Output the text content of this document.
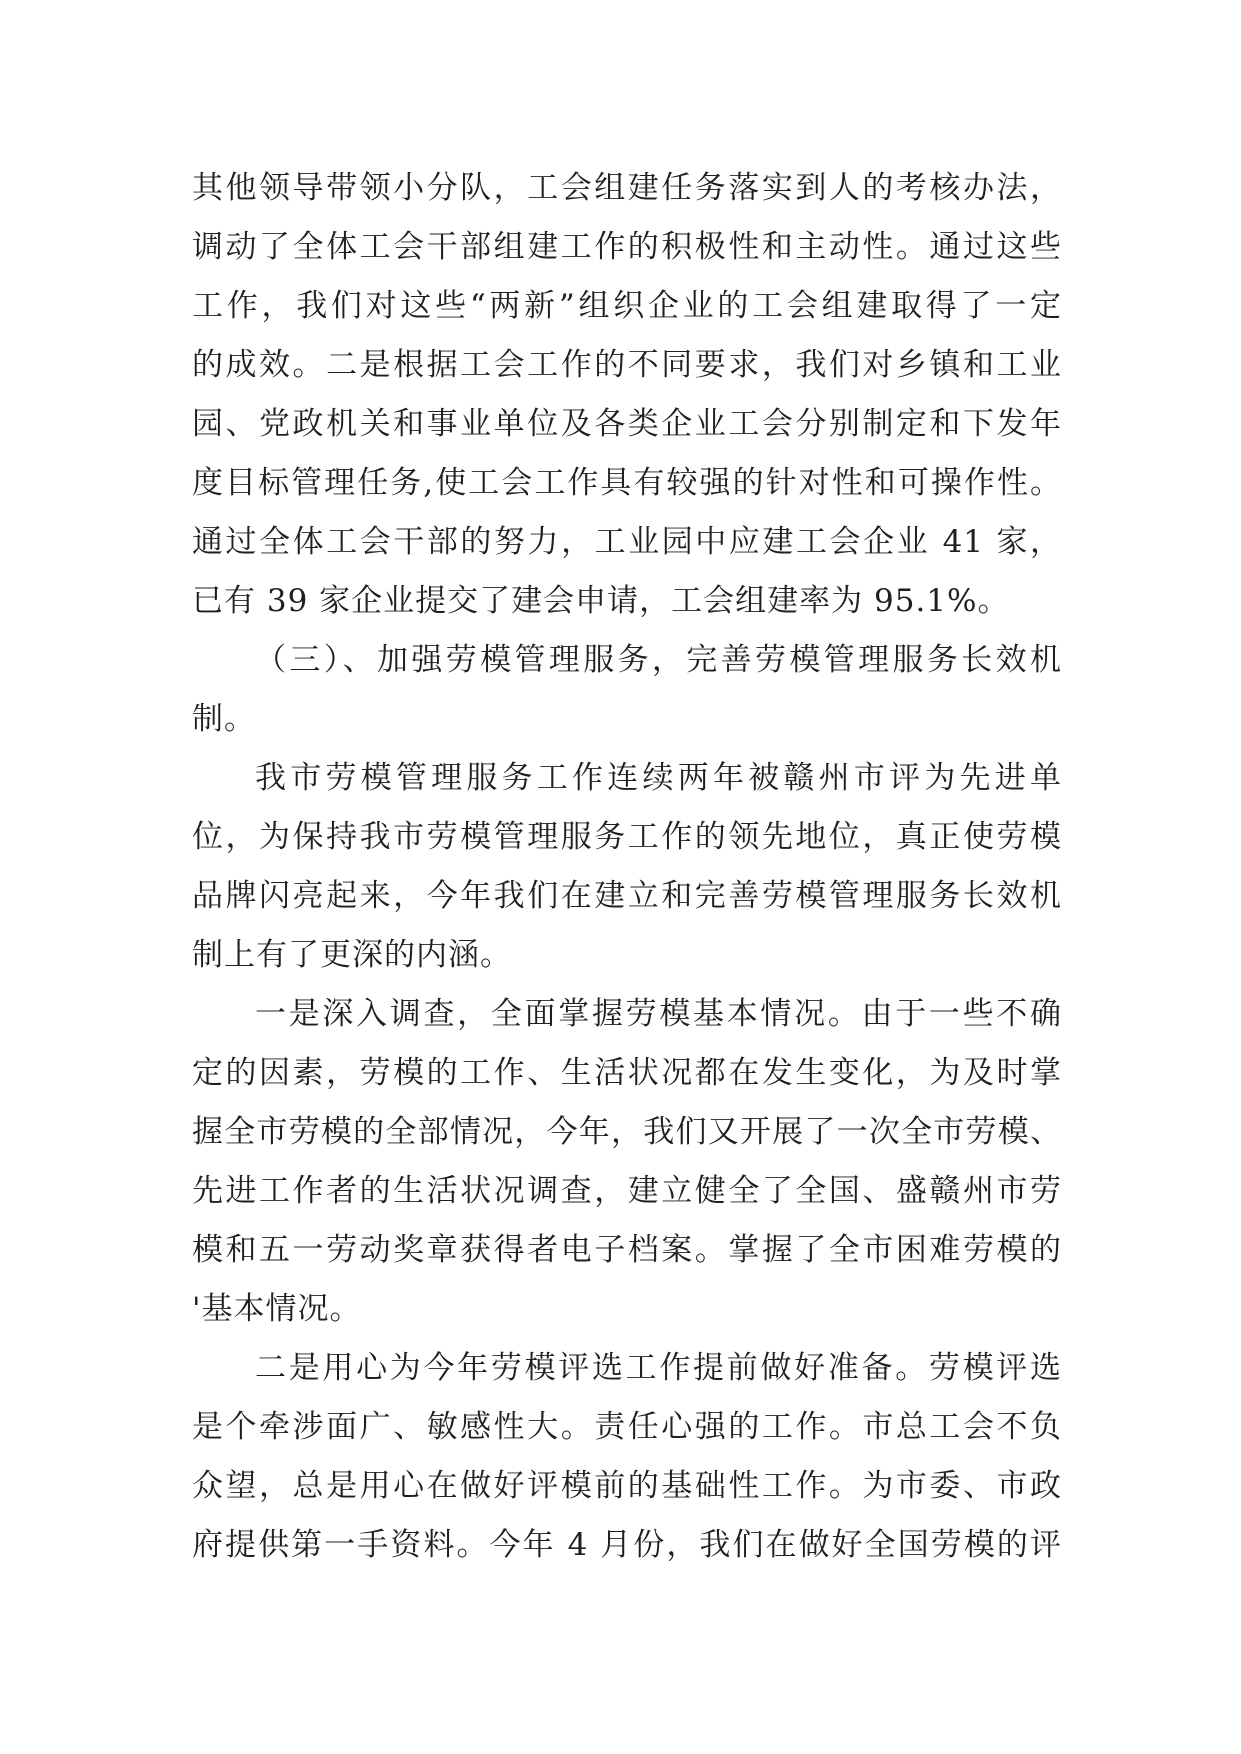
其他领导带领小分队，工会组建任务落实到人的考核办法，
调动了全体工会干部组建工作的积极性和主动性。通过这些
工作，我们对这些“两新”组织企业的工会组建取得了一定
的成效。二是根据工会工作的不同要求，我们对乡镇和工业
园、党政机关和事业单位及各类企业工会分别制定和下发年
度目标管理任务,使工会工作具有较强的针对性和可操作性。
通过全体工会干部的努力，工业园中应建工会企业 41 家，
已有 39 家企业提交了建会申请，工会组建率为 95.1%。
（三）、加强劳模管理服务，完善劳模管理服务长效机
制。
我市劳模管理服务工作连续两年被赣州市评为先进单
位，为保持我市劳模管理服务工作的领先地位，真正使劳模
品牌闪亮起来，今年我们在建立和完善劳模管理服务长效机
制上有了更深的内涵。
一是深入调查，全面掌握劳模基本情况。由于一些不确
定的因素，劳模的工作、生活状况都在发生变化，为及时掌
握全市劳模的全部情况，今年，我们又开展了一次全市劳模、
先进工作者的生活状况调查，建立健全了全国、盛赣州市劳
模和五一劳动奖章获得者电子档案。掌握了全市困难劳模的
'基本情况。
二是用心为今年劳模评选工作提前做好准备。劳模评选
是个牵涉面广、敏感性大。责任心强的工作。市总工会不负
众望，总是用心在做好评模前的基础性工作。为市委、市政
府提供第一手资料。今年 4 月份，我们在做好全国劳模的评
